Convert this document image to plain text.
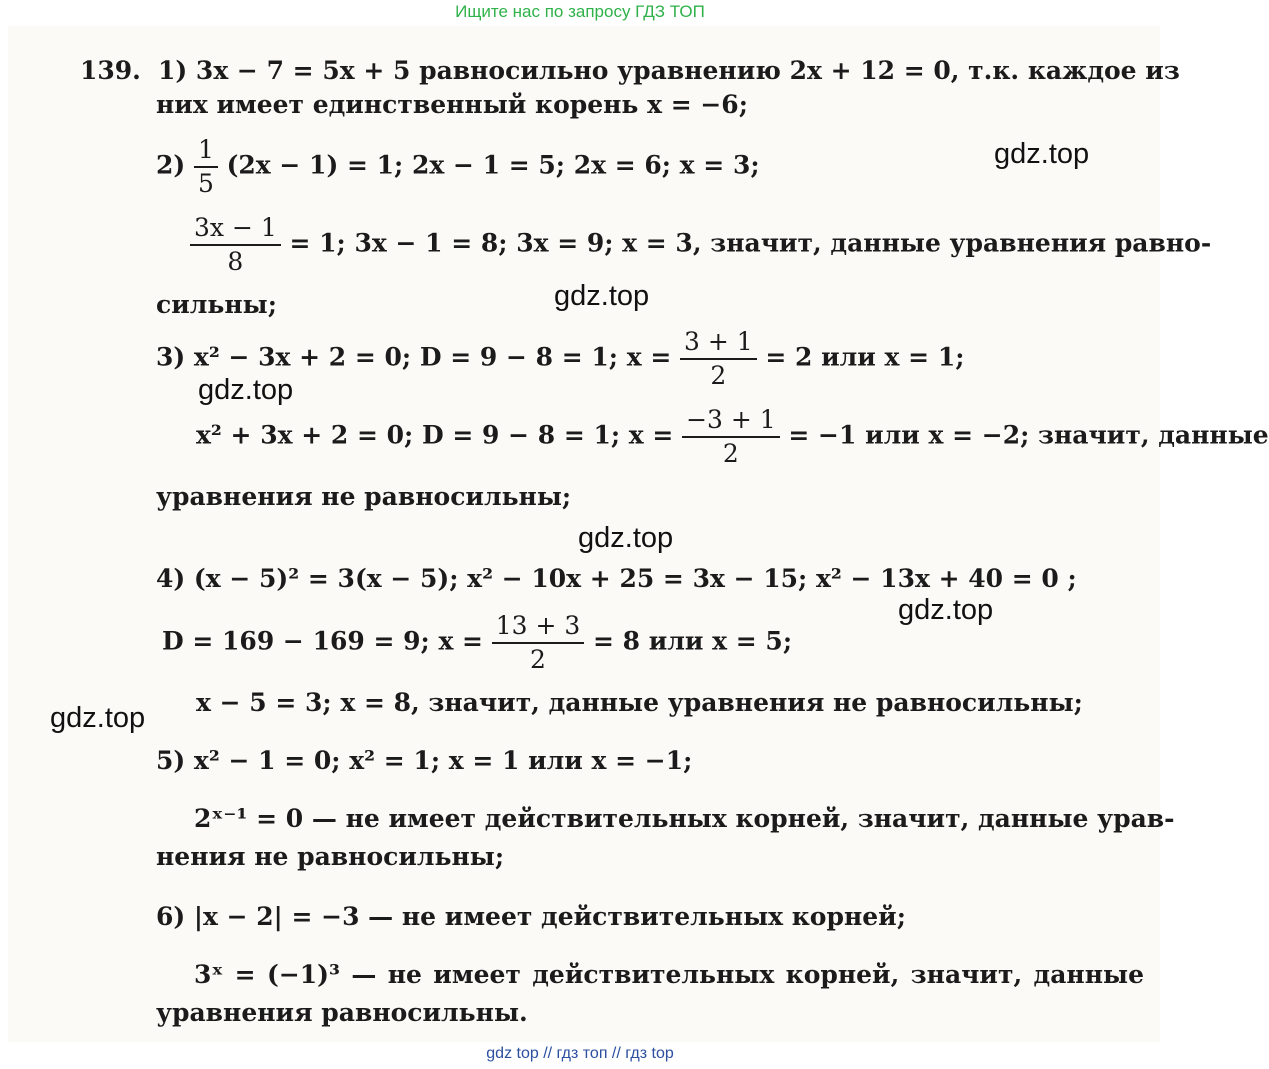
Ищите нас по запросу ГДЗ ТОП
139. 1) 3x − 7 = 5x + 5 равносильно уравнению 2x + 12 = 0, т.к. каждое из
них имеет единственный корень x = −6;
$2) \frac{1}{5} (2x - 1) = 1$; 2x − 1 = 5; 2x = 6; x = 3;
$\frac{3x - 1}{8} = 1$; 3x − 1 = 8; 3x = 9; x = 3, значит, данные уравнения равно-
сильны;
3) x² − 3x + 2 = 0; D = 9 − 8 = 1; $x = \frac{3 + 1}{2} = 2$ или x = 1;
x² + 3x + 2 = 0; D = 9 − 8 = 1; $x = \frac{-3 + 1}{2} = -1$ или x = −2; значит, данные
уравнения не равносильны;
4) (x − 5)² = 3(x − 5); x² − 10x + 25 = 3x − 15; x² − 13x + 40 = 0 ;
D = 169 − 169 = 9; $x = \frac{13 + 3}{2} = 8$ или x = 5;
x − 5 = 3; x = 8, значит, данные уравнения не равносильны;
5) x² − 1 = 0; x² = 1; x = 1 или x = −1;
2ˣ⁻¹ = 0 — не имеет действительных корней, значит, данные урав-
нения не равносильны;
6) |x − 2| = −3 — не имеет действительных корней;
3ˣ = (−1)³ — не имеет действительных корней, значит, данные
уравнения равносильны.
gdz.top
gdz.top
gdz.top
gdz.top
gdz.top
gdz.top
gdz top // гдз топ // гдз top
